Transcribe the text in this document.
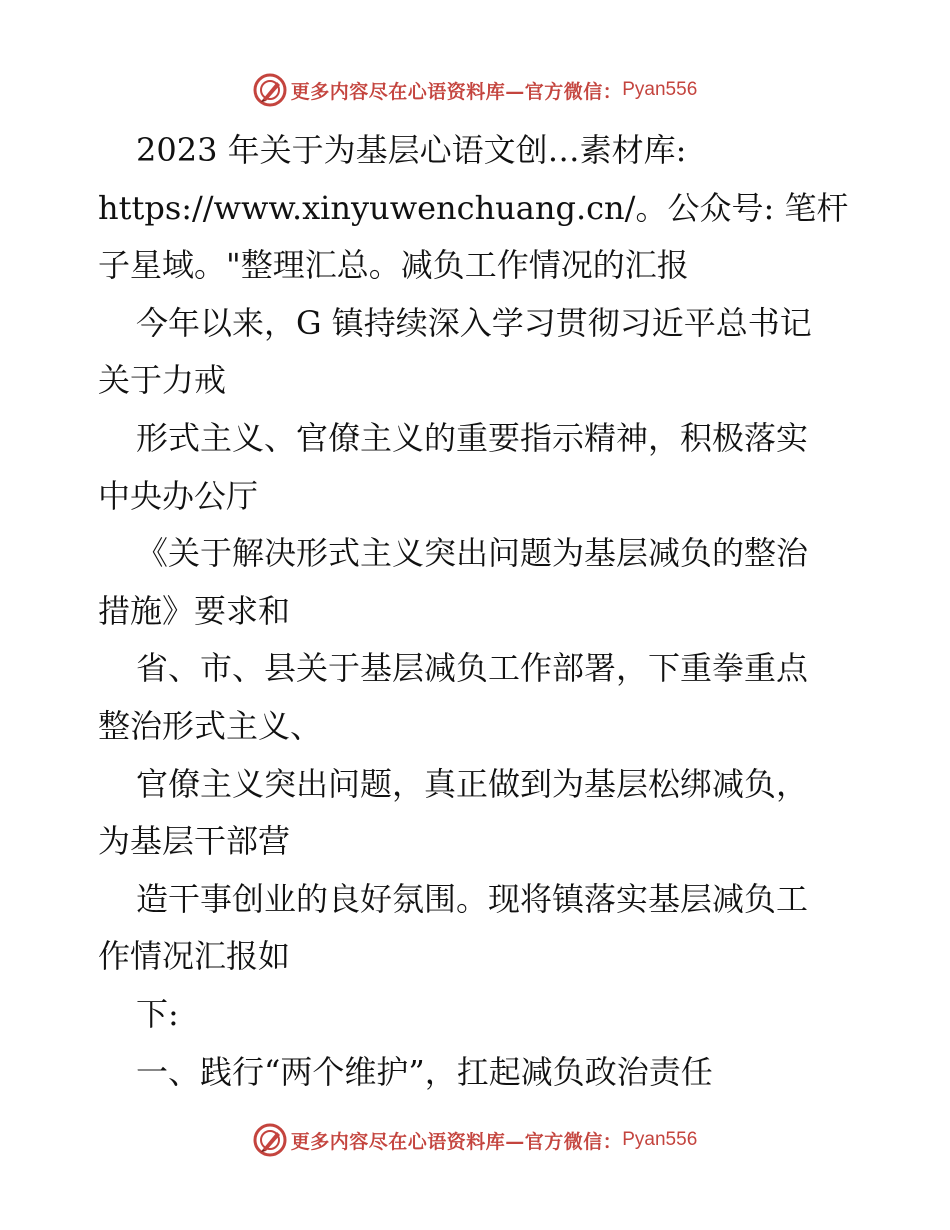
更多内容尽在心语资料库—官方微信： Pyan556
2023 年关于为基层心语文创…素材库:
https://www.xinyuwenchuang.cn/。公众号: 笔杆
子星域。"整理汇总。减负工作情况的汇报
今年以来，G 镇持续深入学习贯彻习近平总书记
关于力戒
形式主义、官僚主义的重要指示精神，积极落实
中央办公厅
《关于解决形式主义突出问题为基层减负的整治
措施》要求和
省、市、县关于基层减负工作部署，下重拳重点
整治形式主义、
官僚主义突出问题，真正做到为基层松绑减负，
为基层干部营
造干事创业的良好氛围。现将镇落实基层减负工
作情况汇报如
下:
一、践行“两个维护”，扛起减负政治责任
更多内容尽在心语资料库—官方微信： Pyan556
